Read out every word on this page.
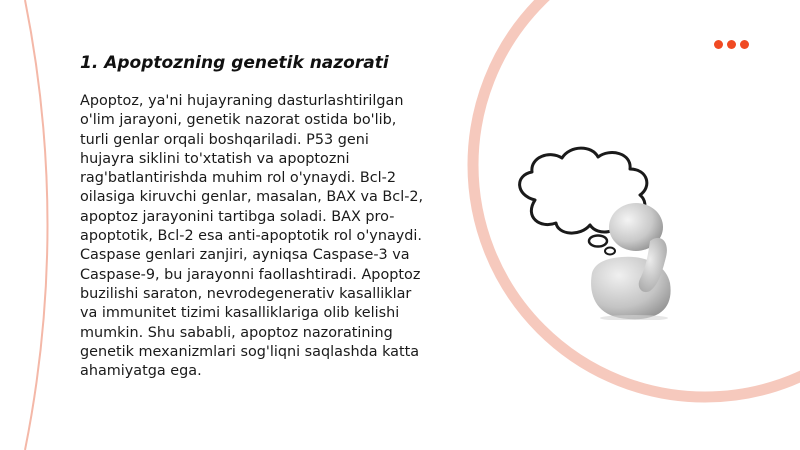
1. Apoptozning genetik nazorati

Apoptoz, ya'ni hujayraning dasturlashtirilgan o'lim jarayoni, genetik nazorat ostida bo'lib, turli genlar orqali boshqariladi. P53 geni hujayra siklini to'xtatish va apoptozni rag'batlantirishda muhim rol o'ynaydi. Bcl-2 oilasiga kiruvchi genlar, masalan, BAX va Bcl-2, apoptoz jarayonini tartibga soladi. BAX pro-apoptotik, Bcl-2 esa anti-apoptotik rol o'ynaydi. Caspase genlari zanjiri, ayniqsa Caspase-3 va Caspase-9, bu jarayonni faollashtiradi. Apoptoz buzilishi saraton, nevrodegenerativ kasalliklar va immunitet tizimi kasalliklariga olib kelishi mumkin. Shu sababli, apoptoz nazoratining genetik mexanizmlari sog'liqni saqlashda katta ahamiyatga ega.
